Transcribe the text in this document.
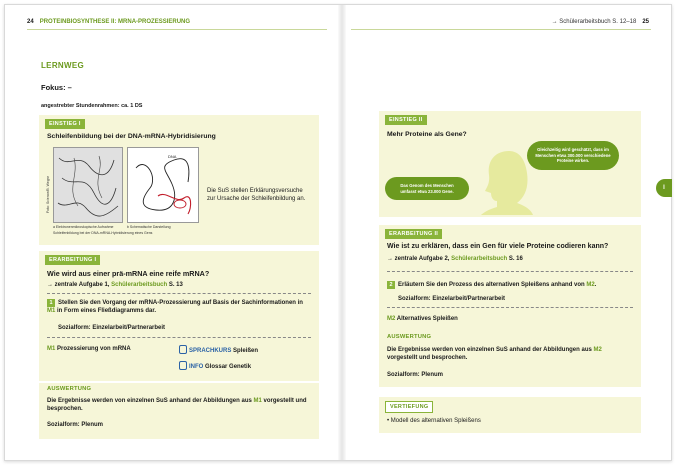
24 PROTEINBIOSYNTHESE II: MRNA-PROZESSIERUNG	→ Schülerarbeitsbuch S. 12–18 25
LERNWEG
Fokus: –
angestrebter Stundenrahmen: ca. 1 DS
EINSTIEG I
Schleifenbildung bei der DNA-mRNA-Hybridisierung
Foto: Science/B. Wegnr
DNA
a Elektronenmikroskopische Aufnahme	b Schematische Darstellung
Schleifenbildung bei der DNA-mRNA-Hybridisierung eines Gens
Die SuS stellen Erklärungsversuche zur Ursache der Schleifenbildung an.
ERARBEITUNG I
Wie wird aus einer prä-mRNA eine reife mRNA?
→ zentrale Aufgabe 1, Schülerarbeitsbuch S. 13
1 Stellen Sie den Vorgang der mRNA-Prozessierung auf Basis der Sachinformationen in M1 in Form eines Fließdiagramms dar.
Sozialform: Einzelarbeit/Partnerarbeit
M1 Prozessierung von mRNA	SPRACHKURS Spleißen
INFO Glossar Genetik
AUSWERTUNG
Die Ergebnisse werden von einzelnen SuS anhand der Abbildungen aus M1 vorgestellt und besprochen.
Sozialform: Plenum
EINSTIEG II
Mehr Proteine als Gene?
Das Genom des Menschen umfasst etwa 23.000 Gene.
Gleichzeitig wird geschätzt, dass im Menschen etwa 300.000 verschiedene Proteine wirken.
ERARBEITUNG II
Wie ist zu erklären, dass ein Gen für viele Proteine codieren kann?
→ zentrale Aufgabe 2, Schülerarbeitsbuch S. 16
2 Erläutern Sie den Prozess des alternativen Spleißens anhand von M2.
Sozialform: Einzelarbeit/Partnerarbeit
M2 Alternatives Spleißen
AUSWERTUNG
Die Ergebnisse werden von einzelnen SuS anhand der Abbildungen aus M2 vorgestellt und besprochen.
Sozialform: Plenum
VERTIEFUNG
• Modell des alternativen Spleißens
I
